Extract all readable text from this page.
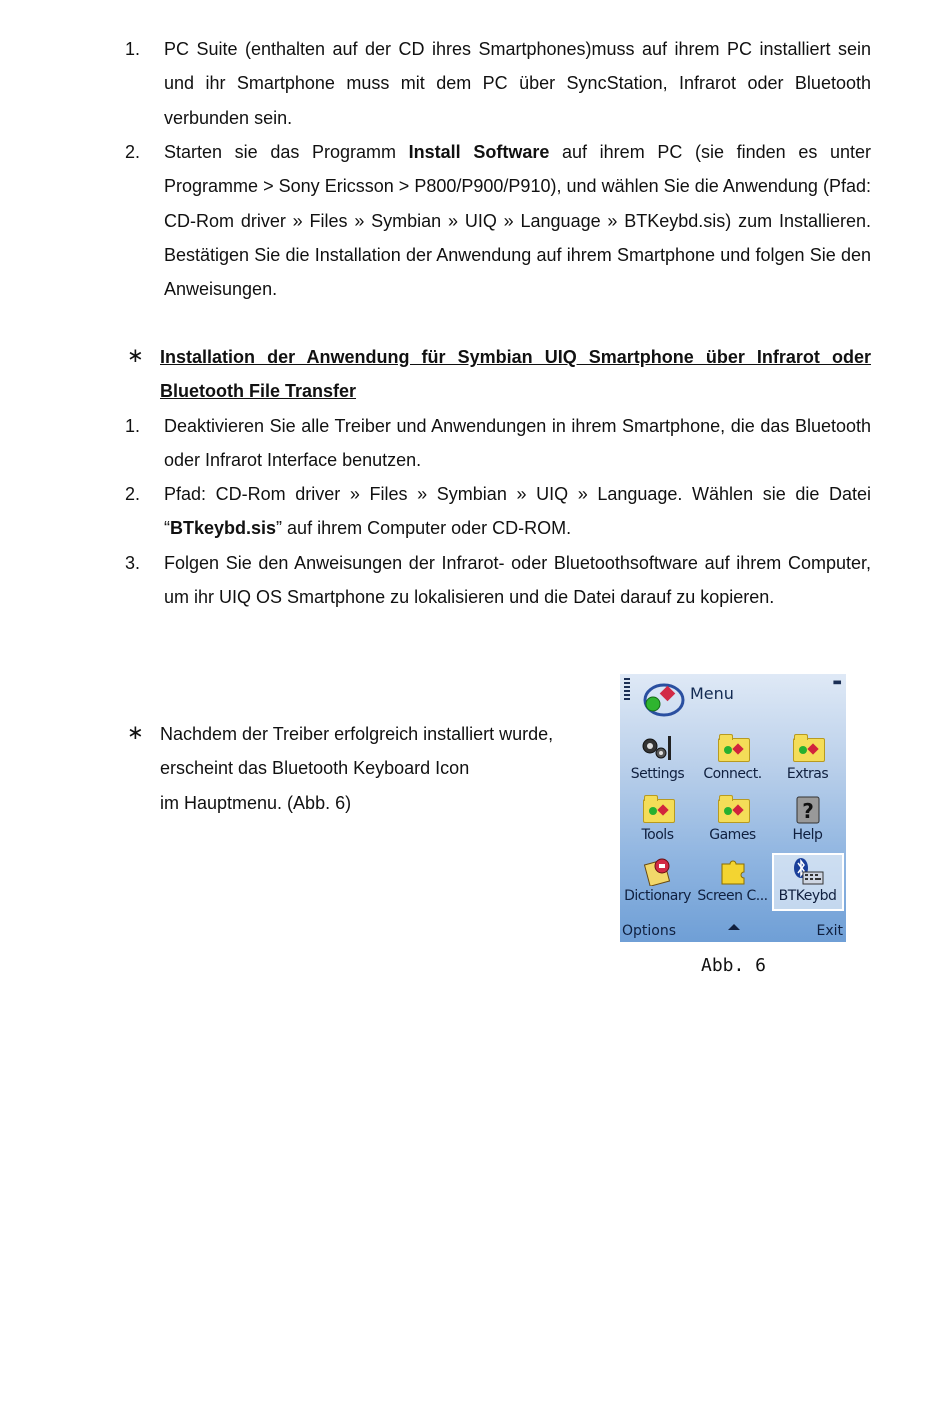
1. PC Suite (enthalten auf der CD ihres Smartphones)muss auf ihrem PC installiert sein und ihr Smartphone muss mit dem PC über SyncStation, Infrarot oder Bluetooth verbunden sein.
2. Starten sie das Programm Install Software auf ihrem PC (sie finden es unter Programme > Sony Ericsson > P800/P900/P910), und wählen Sie die Anwendung (Pfad: CD-Rom driver » Files » Symbian » UIQ » Language » BTKeybd.sis) zum Installieren. Bestätigen Sie die Installation der Anwendung auf ihrem Smartphone und folgen Sie den Anweisungen.
∗ Installation der Anwendung für Symbian UIQ Smartphone über Infrarot oder Bluetooth File Transfer
1. Deaktivieren Sie alle Treiber und Anwendungen in ihrem Smartphone, die das Bluetooth oder Infrarot Interface benutzen.
2. Pfad: CD-Rom driver » Files » Symbian » UIQ » Language. Wählen sie die Datei “BTkeybd.sis” auf ihrem Computer oder CD-ROM.
3. Folgen Sie den Anweisungen der Infrarot- oder Bluetoothsoftware auf ihrem Computer, um ihr UIQ OS Smartphone zu lokalisieren und die Datei darauf zu kopieren.
∗ Nachdem der Treiber erfolgreich installiert wurde,
erscheint das Bluetooth Keyboard Icon
im Hauptmenu. (Abb. 6)
▬
Menu
Settings	Connect.	Extras
Tools	Games
?
Help
Dictionary Screen C... BTKeybd
Options	Exit
Abb. 6
